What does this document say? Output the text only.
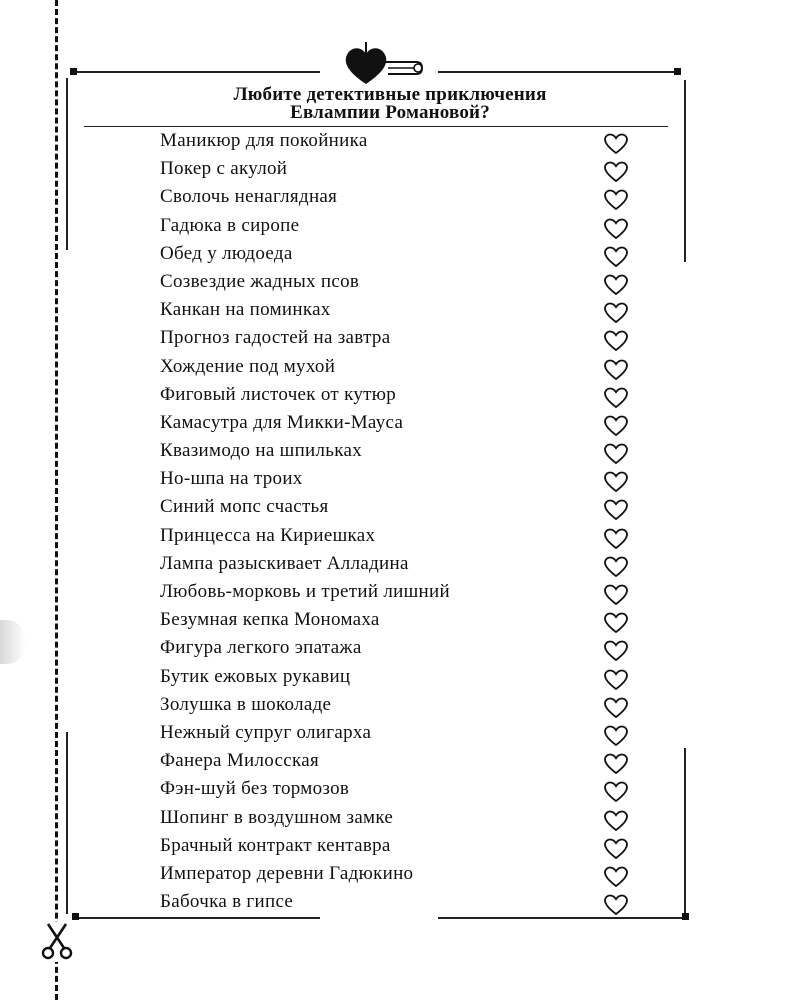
Любите детективные приключения
Евлампии Романовой?
Маникюр для покойника
Покер с акулой
Сволочь ненаглядная
Гадюка в сиропе
Обед у людоеда
Созвездие жадных псов
Канкан на поминках
Прогноз гадостей на завтра
Хождение под мухой
Фиговый листочек от кутюр
Камасутра для Микки-Мауса
Квазимодо на шпильках
Но-шпа на троих
Синий мопс счастья
Принцесса на Кириешках
Лампа разыскивает Алладина
Любовь-морковь и третий лишний
Безумная кепка Мономаха
Фигура легкого эпатажа
Бутик ежовых рукавиц
Золушка в шоколаде
Нежный супруг олигарха
Фанера Милосская
Фэн-шуй без тормозов
Шопинг в воздушном замке
Брачный контракт кентавра
Император деревни Гадюкино
Бабочка в гипсе
